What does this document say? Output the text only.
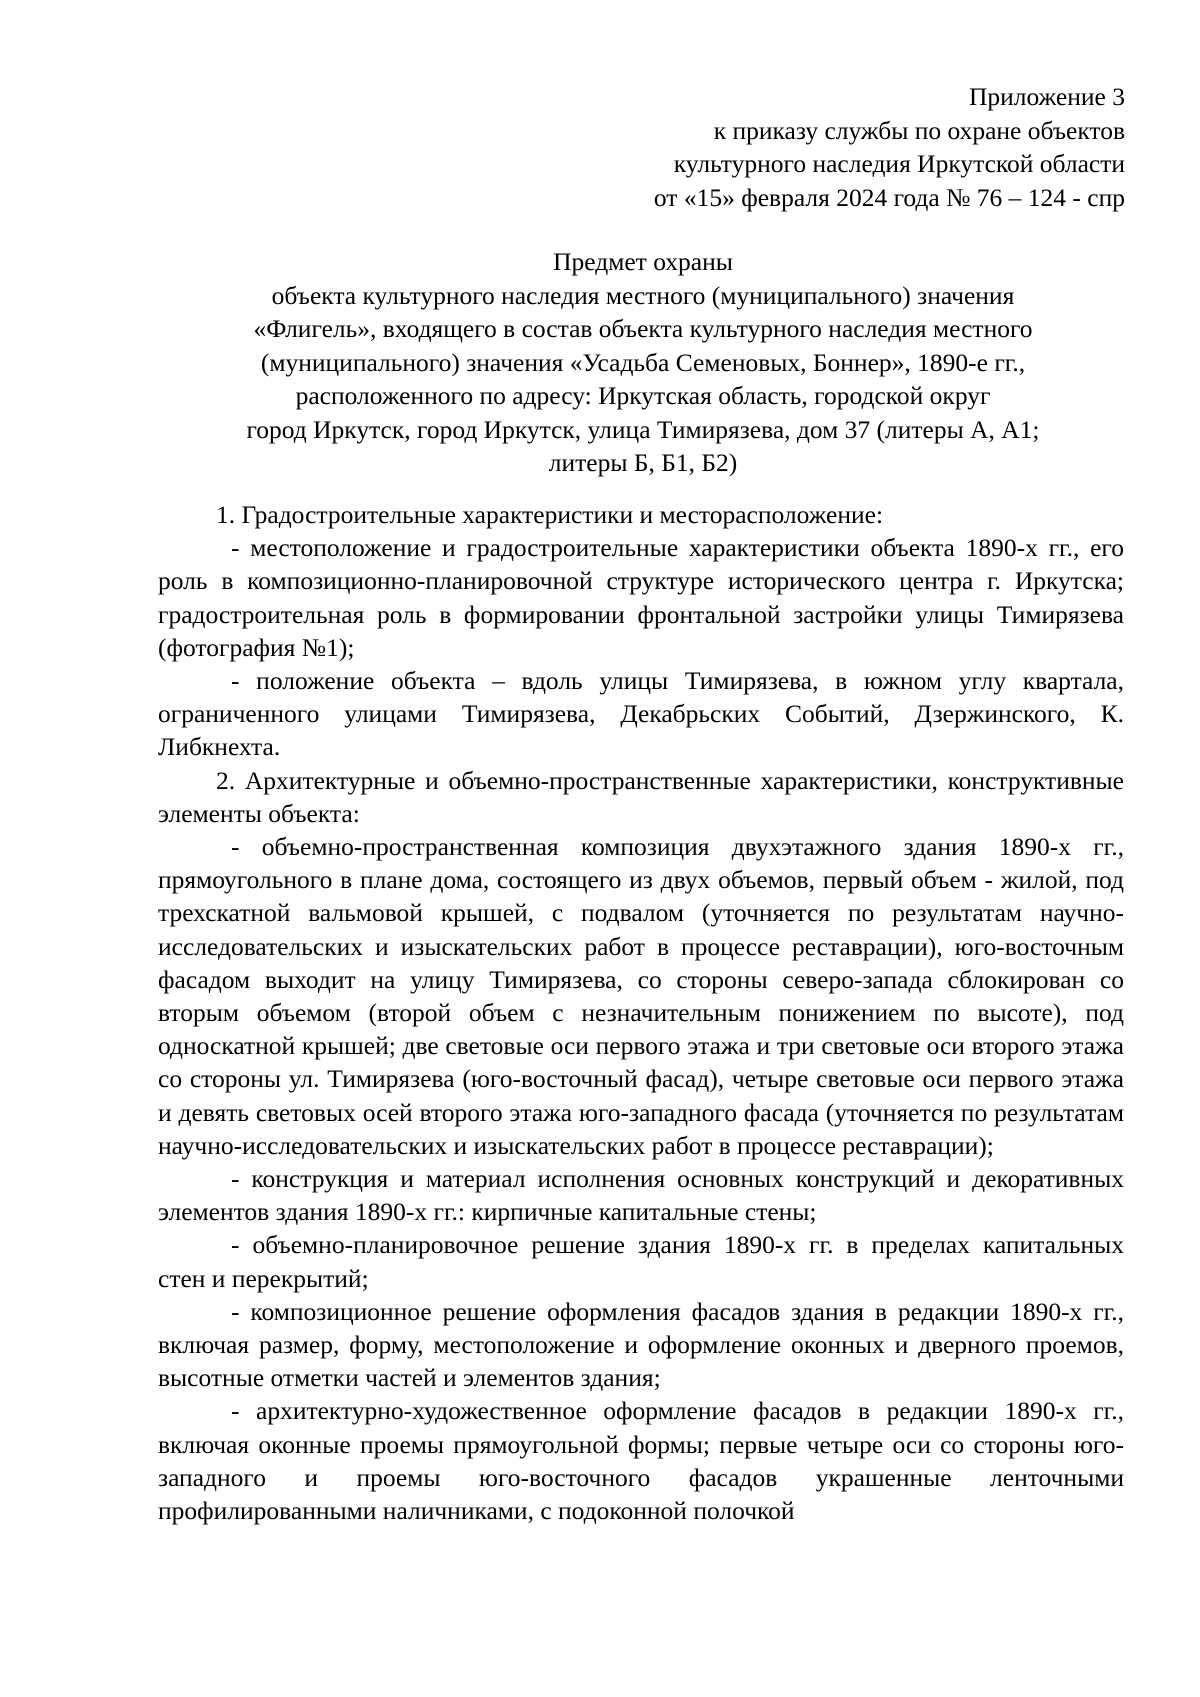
Приложение 3
к приказу службы по охране объектов
культурного наследия Иркутской области
от «15» февраля 2024 года № 76 – 124 - спр
Предмет охраны
объекта культурного наследия местного (муниципального) значения
«Флигель», входящего в состав объекта культурного наследия местного
(муниципального) значения «Усадьба Семеновых, Боннер», 1890-е гг.,
расположенного по адресу: Иркутская область, городской округ
город Иркутск, город Иркутск, улица Тимирязева, дом 37 (литеры А, А1;
литеры Б, Б1, Б2)

1. Градостроительные характеристики и месторасположение:

- местоположение и градостроительные характеристики объекта 1890-х гг., его роль в композиционно-планировочной структуре исторического центра г. Иркутска; градостроительная роль в формировании фронтальной застройки улицы Тимирязева (фотография №1);

- положение объекта – вдоль улицы Тимирязева, в южном углу квартала, ограниченного улицами Тимирязева, Декабрьских Событий, Дзержинского, К. Либкнехта.

2. Архитектурные и объемно-пространственные характеристики, конструктивные элементы объекта:

- объемно-пространственная композиция двухэтажного здания 1890-х гг., прямоугольного в плане дома, состоящего из двух объемов, первый объем - жилой, под трехскатной вальмовой крышей, с подвалом (уточняется по результатам научно-исследовательских и изыскательских работ в процессе реставрации), юго-восточным фасадом выходит на улицу Тимирязева, со стороны северо-запада сблокирован со вторым объемом (второй объем с незначительным понижением по высоте), под односкатной крышей; две световые оси первого этажа и три световые оси второго этажа со стороны ул. Тимирязева (юго-восточный фасад), четыре световые оси первого этажа и девять световых осей второго этажа юго-западного фасада (уточняется по результатам научно-исследовательских и изыскательских работ в процессе реставрации);

- конструкция и материал исполнения основных конструкций и декоративных элементов здания 1890-х гг.: кирпичные капитальные стены;

- объемно-планировочное решение здания 1890-х гг. в пределах капитальных стен и перекрытий;

- композиционное решение оформления фасадов здания в редакции 1890-х гг., включая размер, форму, местоположение и оформление оконных и дверного проемов, высотные отметки частей и элементов здания;

- архитектурно-художественное оформление фасадов в редакции 1890-х гг., включая оконные проемы прямоугольной формы; первые четыре оси со стороны юго-западного и проемы юго-восточного фасадов украшенные ленточными профилированными наличниками, с подоконной полочкой
